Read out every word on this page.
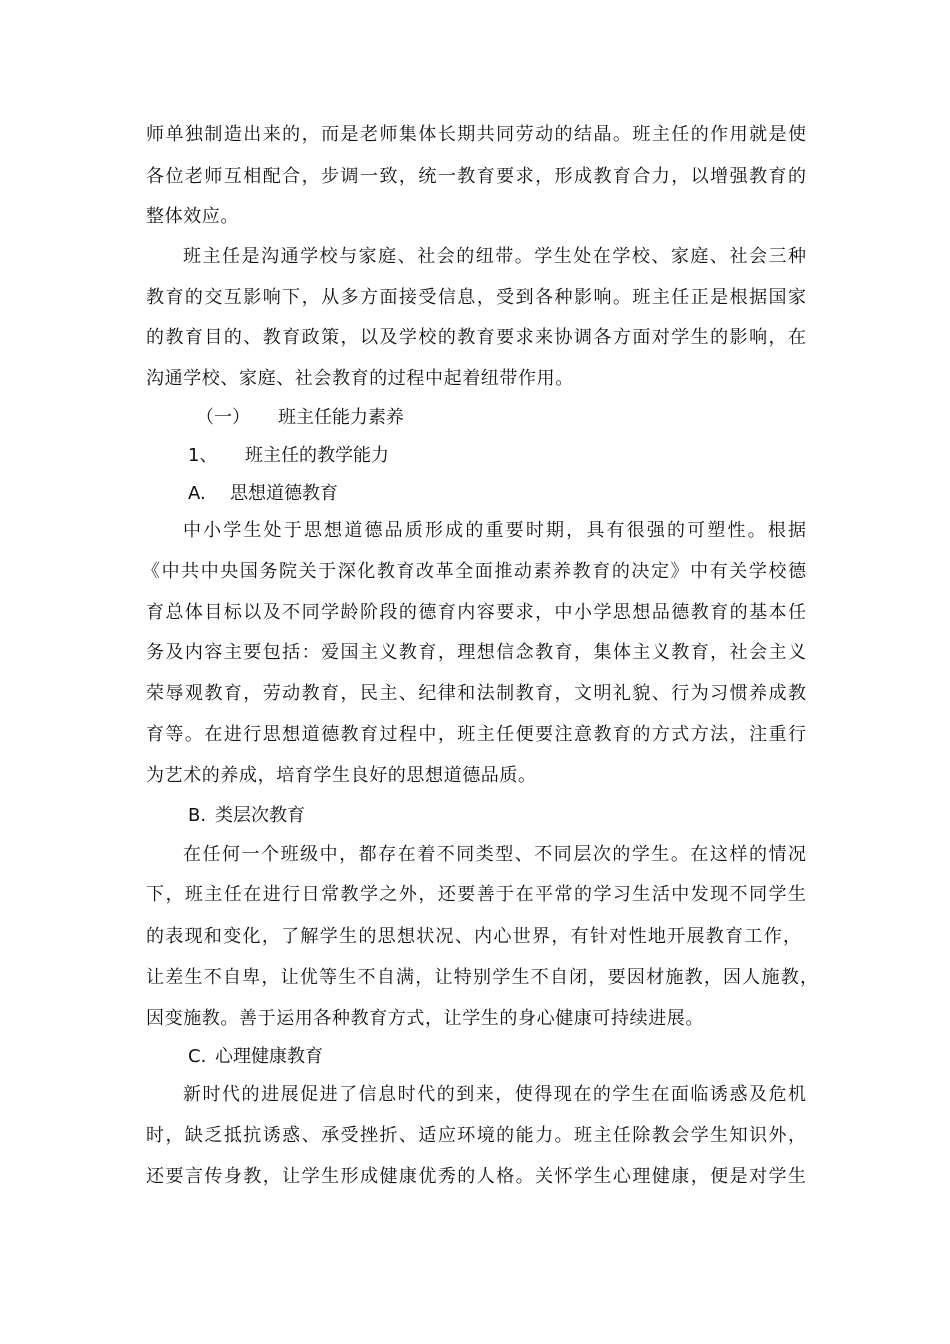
师单独制造出来的，而是老师集体长期共同劳动的结晶。班主任的作用就是使
各位老师互相配合，步调一致，统一教育要求，形成教育合力，以增强教育的
整体效应。
班主任是沟通学校与家庭、社会的纽带。学生处在学校、家庭、社会三种
教育的交互影响下，从多方面接受信息，受到各种影响。班主任正是根据国家
的教育目的、教育政策，以及学校的教育要求来协调各方面对学生的影响，在
沟通学校、家庭、社会教育的过程中起着纽带作用。
（一） 班主任能力素养
1、 班主任的教学能力
A. 思想道德教育
中小学生处于思想道德品质形成的重要时期，具有很强的可塑性。根据
《中共中央国务院关于深化教育改革全面推动素养教育的决定》中有关学校德
育总体目标以及不同学龄阶段的德育内容要求，中小学思想品德教育的基本任
务及内容主要包括：爱国主义教育，理想信念教育，集体主义教育，社会主义
荣辱观教育，劳动教育，民主、纪律和法制教育，文明礼貌、行为习惯养成教
育等。在进行思想道德教育过程中，班主任便要注意教育的方式方法，注重行
为艺术的养成，培育学生良好的思想道德品质。
B. 类层次教育
在任何一个班级中，都存在着不同类型、不同层次的学生。在这样的情况
下，班主任在进行日常教学之外，还要善于在平常的学习生活中发现不同学生
的表现和变化，了解学生的思想状况、内心世界，有针对性地开展教育工作，
让差生不自卑，让优等生不自满，让特别学生不自闭，要因材施教，因人施教，
因变施教。善于运用各种教育方式，让学生的身心健康可持续进展。
C. 心理健康教育
新时代的进展促进了信息时代的到来，使得现在的学生在面临诱惑及危机
时，缺乏抵抗诱惑、承受挫折、适应环境的能力。班主任除教会学生知识外，
还要言传身教，让学生形成健康优秀的人格。关怀学生心理健康，便是对学生
